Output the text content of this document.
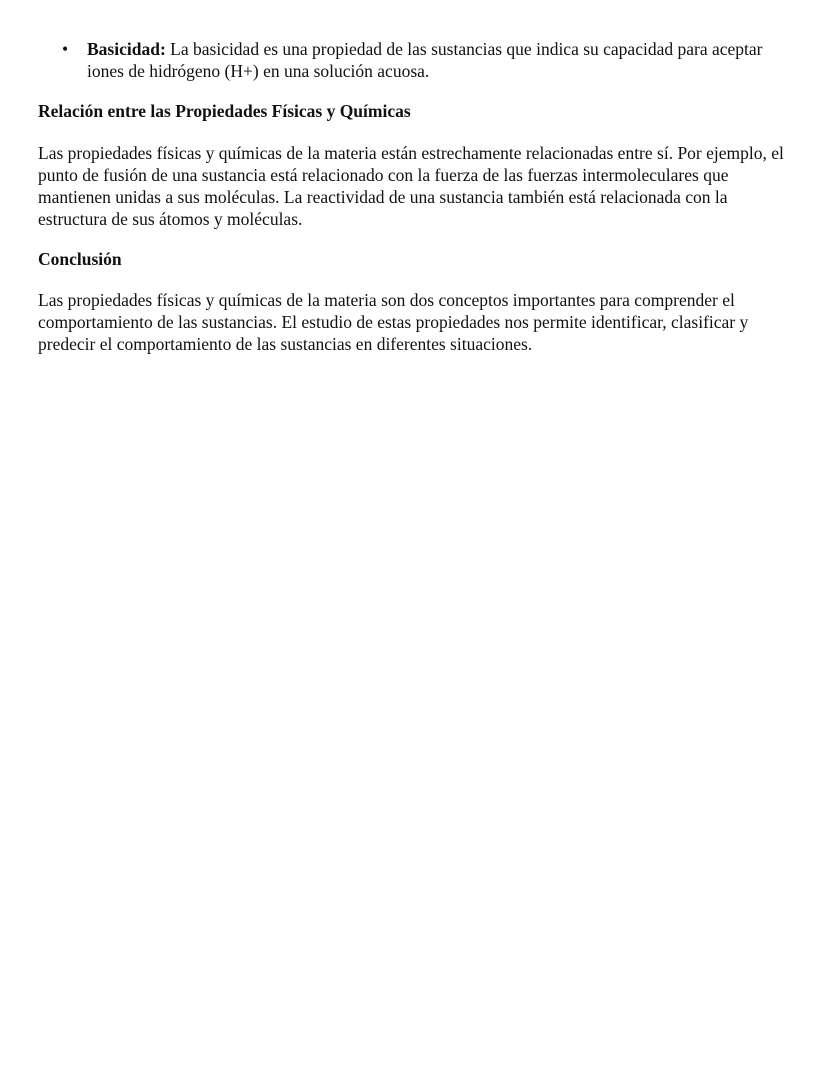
• Basicidad: La basicidad es una propiedad de las sustancias que indica su capacidad para aceptar iones de hidrógeno (H+) en una solución acuosa.
Relación entre las Propiedades Físicas y Químicas

Las propiedades físicas y químicas de la materia están estrechamente relacionadas entre sí. Por ejemplo, el punto de fusión de una sustancia está relacionado con la fuerza de las fuerzas intermoleculares que mantienen unidas a sus moléculas. La reactividad de una sustancia también está relacionada con la estructura de sus átomos y moléculas.

Conclusión

Las propiedades físicas y químicas de la materia son dos conceptos importantes para comprender el comportamiento de las sustancias. El estudio de estas propiedades nos permite identificar, clasificar y predecir el comportamiento de las sustancias en diferentes situaciones.
